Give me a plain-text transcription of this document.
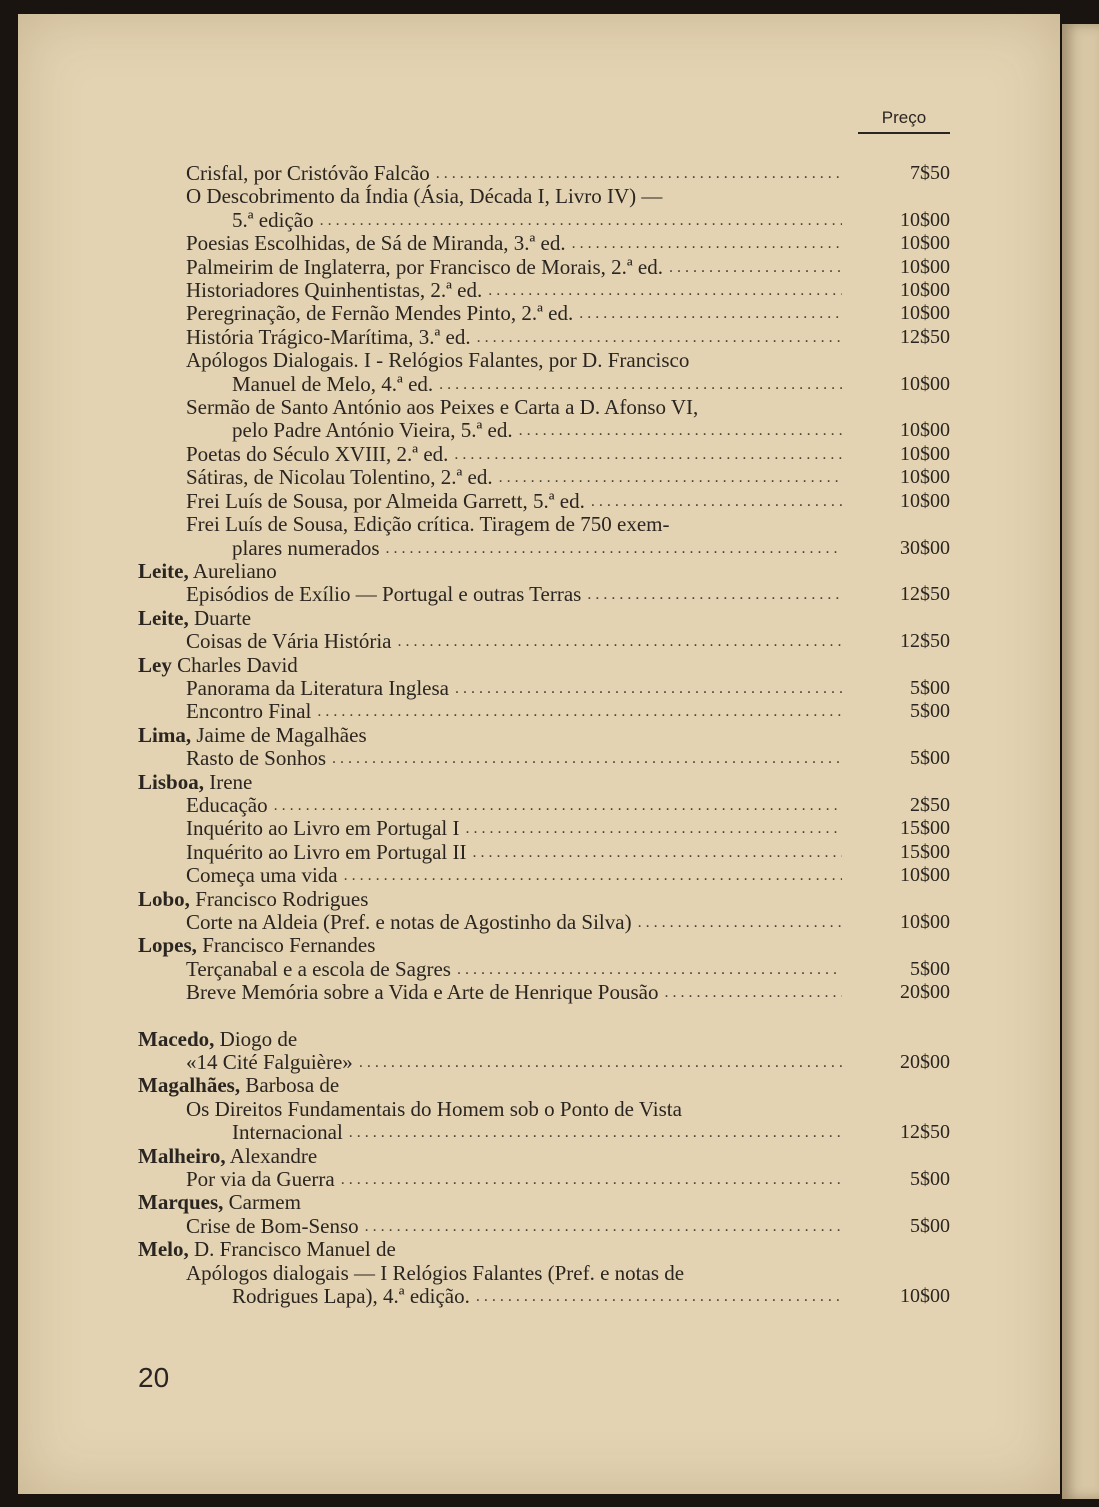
Preço
Crisfal, por Cristóvão Falcão . . .	7$50
O Descobrimento da Índia (Ásia, Década I, Livro IV) —
5.ª edição . . .	10$00
Poesias Escolhidas, de Sá de Miranda, 3.ª ed. . . .	10$00
Palmeirim de Inglaterra, por Francisco de Morais, 2.ª ed. . . .	10$00
Historiadores Quinhentistas, 2.ª ed. . . .	10$00
Peregrinação, de Fernão Mendes Pinto, 2.ª ed. . . .	10$00
História Trágico-Marítima, 3.ª ed. . . .	12$50
Apólogos Dialogais. I - Relógios Falantes, por D. Francisco
Manuel de Melo, 4.ª ed. . . .	10$00
Sermão de Santo António aos Peixes e Carta a D. Afonso VI,
pelo Padre António Vieira, 5.ª ed. . . .	10$00
Poetas do Século XVIII, 2.ª ed. . . .	10$00
Sátiras, de Nicolau Tolentino, 2.ª ed. . . .	10$00
Frei Luís de Sousa, por Almeida Garrett, 5.ª ed. . . .	10$00
Frei Luís de Sousa, Edição crítica. Tiragem de 750 exem-
plares numerados . . .	30$00
Leite, Aureliano
Episódios de Exílio — Portugal e outras Terras . . .	12$50
Leite, Duarte
Coisas de Vária História . . .	12$50
Ley Charles David
Panorama da Literatura Inglesa . . .	5$00
Encontro Final . . .	5$00
Lima, Jaime de Magalhães
Rasto de Sonhos . . .	5$00
Lisboa, Irene
Educação . . .	2$50
Inquérito ao Livro em Portugal I . . .	15$00
Inquérito ao Livro em Portugal II . . .	15$00
Começa uma vida . . .	10$00
Lobo, Francisco Rodrigues
Corte na Aldeia (Pref. e notas de Agostinho da Silva) . . .	10$00
Lopes, Francisco Fernandes
Terçanabal e a escola de Sagres . . .	5$00
Breve Memória sobre a Vida e Arte de Henrique Pousão . . .	20$00
Macedo, Diogo de
«14 Cité Falguière» . . .	20$00
Magalhães, Barbosa de
Os Direitos Fundamentais do Homem sob o Ponto de Vista
Internacional . . .	12$50
Malheiro, Alexandre
Por via da Guerra . . .	5$00
Marques, Carmem
Crise de Bom-Senso . . .	5$00
Melo, D. Francisco Manuel de
Apólogos dialogais — I Relógios Falantes (Pref. e notas de
Rodrigues Lapa), 4.ª edição. . . .	10$00
20
